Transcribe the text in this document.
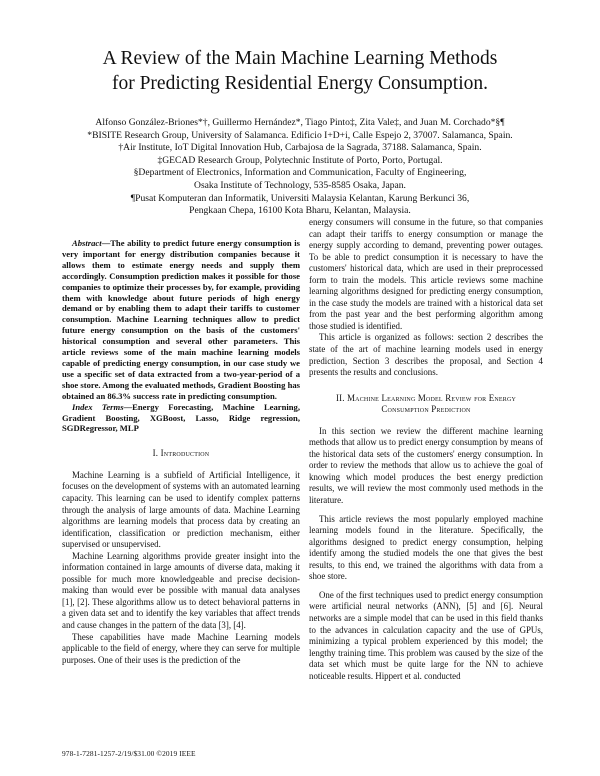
A Review of the Main Machine Learning Methods
for Predicting Residential Energy Consumption.
Alfonso González-Briones*†, Guillermo Hernández*, Tiago Pinto‡, Zita Vale‡, and Juan M. Corchado*§¶
*BISITE Research Group, University of Salamanca. Edificio I+D+i, Calle Espejo 2, 37007. Salamanca, Spain.
†Air Institute, IoT Digital Innovation Hub, Carbajosa de la Sagrada, 37188. Salamanca, Spain.
‡GECAD Research Group, Polytechnic Institute of Porto, Porto, Portugal.
§Department of Electronics, Information and Communication, Faculty of Engineering,
Osaka Institute of Technology, 535-8585 Osaka, Japan.
¶Pusat Komputeran dan Informatik, Universiti Malaysia Kelantan, Karung Berkunci 36,
Pengkaan Chepa, 16100 Kota Bharu, Kelantan, Malaysia.

Abstract—The ability to predict future energy consumption is very important for energy distribution companies because it allows them to estimate energy needs and supply them accordingly. Consumption prediction makes it possible for those companies to optimize their processes by, for example, providing them with knowledge about future periods of high energy demand or by enabling them to adapt their tariffs to customer consumption. Machine Learning techniques allow to predict future energy consumption on the basis of the customers' historical consumption and several other parameters. This article reviews some of the main machine learning models capable of predicting energy consumption, in our case study we use a specific set of data extracted from a two-year-period of a shoe store. Among the evaluated methods, Gradient Boosting has obtained an 86.3% success rate in predicting consumption.

Index Terms—Energy Forecasting, Machine Learning, Gradient Boosting, XGBoost, Lasso, Ridge regression, SGDRegressor, MLP

I. Introduction

Machine Learning is a subfield of Artificial Intelligence, it focuses on the development of systems with an automated learning capacity. This learning can be used to identify complex patterns through the analysis of large amounts of data. Machine Learning algorithms are learning models that process data by creating an identification, classification or prediction mechanism, either supervised or unsupervised.

Machine Learning algorithms provide greater insight into the information contained in large amounts of diverse data, making it possible for much more knowledgeable and precise decision-making than would ever be possible with manual data analyses [1], [2]. These algorithms allow us to detect behavioral patterns in a given data set and to identify the key variables that affect trends and cause changes in the pattern of the data [3], [4].

These capabilities have made Machine Learning models applicable to the field of energy, where they can serve for multiple purposes. One of their uses is the prediction of the

978-1-7281-1257-2/19/$31.00 ©2019 IEEE

energy consumers will consume in the future, so that companies can adapt their tariffs to energy consumption or manage the energy supply according to demand, preventing power outages. To be able to predict consumption it is necessary to have the customers' historical data, which are used in their preprocessed form to train the models. This article reviews some machine learning algorithms designed for predicting energy consumption, in the case study the models are trained with a historical data set from the past year and the best performing algorithm among those studied is identified.

This article is organized as follows: section 2 describes the state of the art of machine learning models used in energy prediction, Section 3 describes the proposal, and Section 4 presents the results and conclusions.

II. Machine Learning Model Review for Energy
Consumption Prediction

In this section we review the different machine learning methods that allow us to predict energy consumption by means of the historical data sets of the customers' energy consumption. In order to review the methods that allow us to achieve the goal of knowing which model produces the best energy prediction results, we will review the most commonly used methods in the literature.

This article reviews the most popularly employed machine learning models found in the literature. Specifically, the algorithms designed to predict energy consumption, helping identify among the studied models the one that gives the best results, to this end, we trained the algorithms with data from a shoe store.

One of the first techniques used to predict energy consumption were artificial neural networks (ANN), [5] and [6]. Neural networks are a simple model that can be used in this field thanks to the advances in calculation capacity and the use of GPUs, minimizing a typical problem experienced by this model; the lengthy training time. This problem was caused by the size of the data set which must be quite large for the NN to achieve noticeable results. Hippert et al. conducted
